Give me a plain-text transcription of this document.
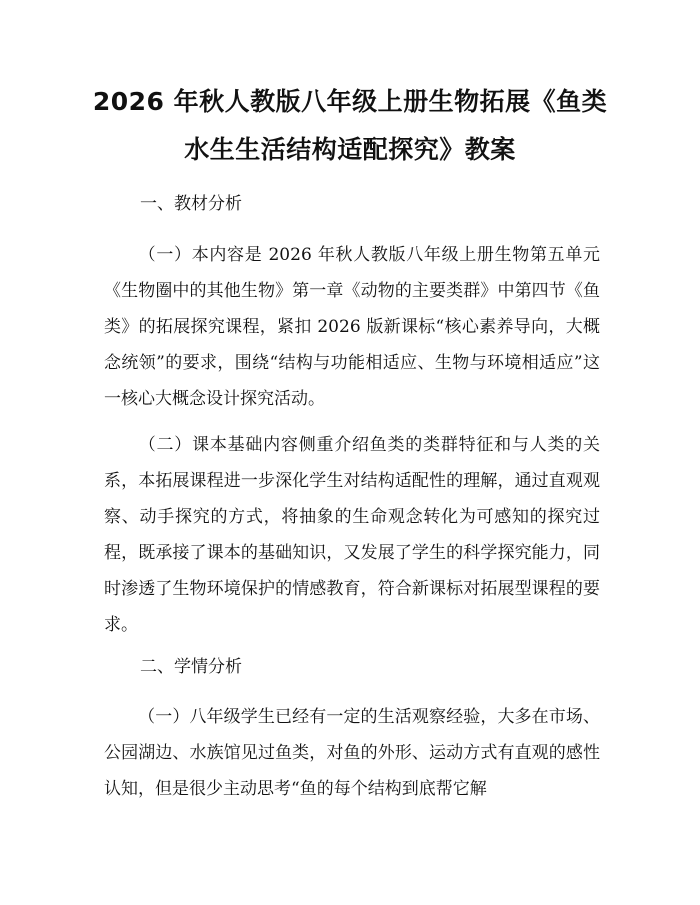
2026 年秋人教版八年级上册生物拓展《鱼类
水生生活结构适配探究》教案
一、教材分析

（一）本内容是 2026 年秋人教版八年级上册生物第五单元《生物圈中的其他生物》第一章《动物的主要类群》中第四节《鱼类》的拓展探究课程，紧扣 2026 版新课标“核心素养导向，大概念统领”的要求，围绕“结构与功能相适应、生物与环境相适应”这一核心大概念设计探究活动。

（二）课本基础内容侧重介绍鱼类的类群特征和与人类的关系，本拓展课程进一步深化学生对结构适配性的理解，通过直观观察、动手探究的方式，将抽象的生命观念转化为可感知的探究过程，既承接了课本的基础知识，又发展了学生的科学探究能力，同时渗透了生物环境保护的情感教育，符合新课标对拓展型课程的要求。

二、学情分析

（一）八年级学生已经有一定的生活观察经验，大多在市场、公园湖边、水族馆见过鱼类，对鱼的外形、运动方式有直观的感性认知，但是很少主动思考“鱼的每个结构到底帮它解
